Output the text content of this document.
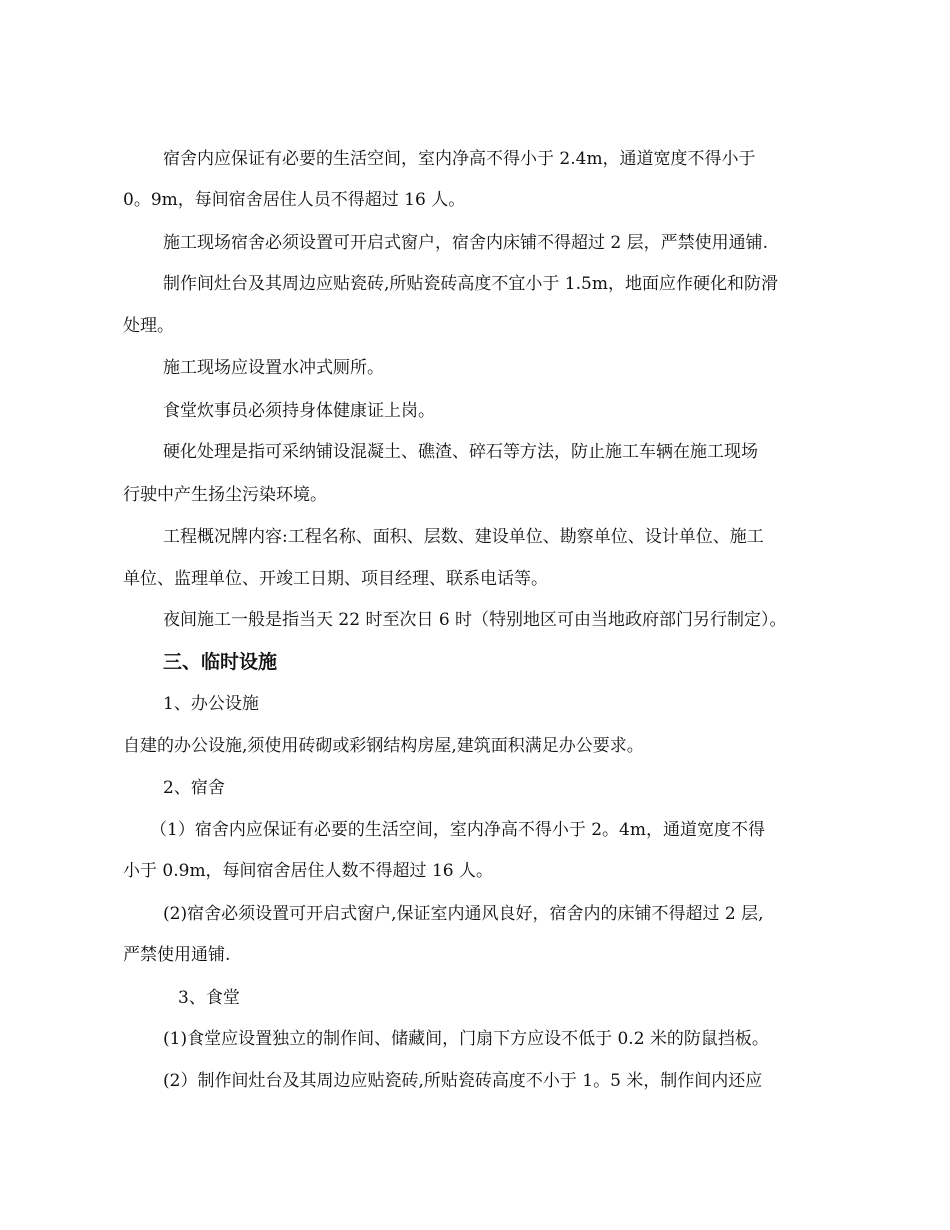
宿舍内应保证有必要的生活空间，室内净高不得小于 2.4m，通道宽度不得小于
0。9m，每间宿舍居住人员不得超过 16 人。
施工现场宿舍必须设置可开启式窗户，宿舍内床铺不得超过 2 层，严禁使用通铺.
制作间灶台及其周边应贴瓷砖,所贴瓷砖高度不宜小于 1.5m，地面应作硬化和防滑
处理。
施工现场应设置水冲式厕所。
食堂炊事员必须持身体健康证上岗。
硬化处理是指可采纳铺设混凝土、礁渣、碎石等方法，防止施工车辆在施工现场
行驶中产生扬尘污染环境。
工程概况牌内容:工程名称、面积、层数、建设单位、勘察单位、设计单位、施工
单位、监理单位、开竣工日期、项目经理、联系电话等。
夜间施工一般是指当天 22 时至次日 6 时（特别地区可由当地政府部门另行制定）。
三、临时设施
1、办公设施
自建的办公设施,须使用砖砌或彩钢结构房屋,建筑面积满足办公要求。
2、宿舍
（1）宿舍内应保证有必要的生活空间，室内净高不得小于 2。4m，通道宽度不得
小于 0.9m，每间宿舍居住人数不得超过 16 人。
(2)宿舍必须设置可开启式窗户,保证室内通风良好，宿舍内的床铺不得超过 2 层,
严禁使用通铺.
3、食堂
(1)食堂应设置独立的制作间、储藏间，门扇下方应设不低于 0.2 米的防鼠挡板。
(2）制作间灶台及其周边应贴瓷砖,所贴瓷砖高度不小于 1。5 米，制作间内还应
